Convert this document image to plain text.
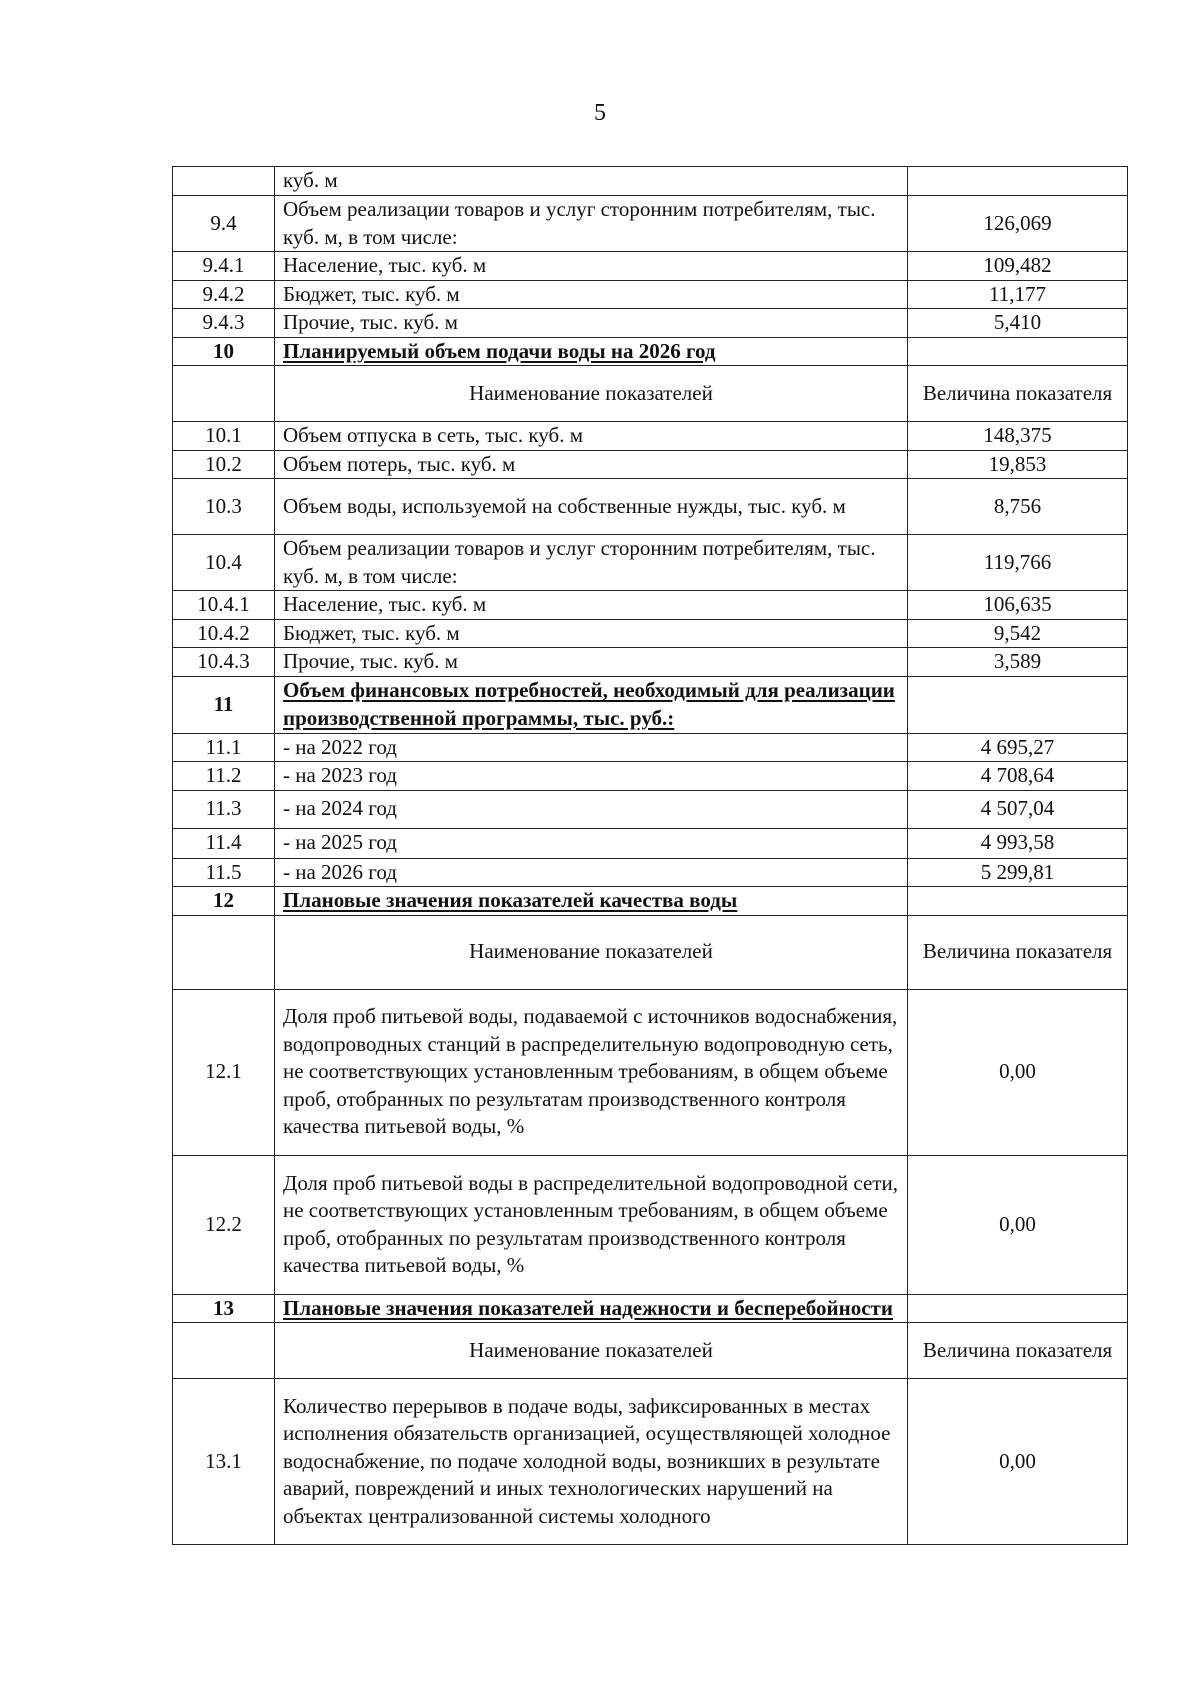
5
	куб. м	
9.4	Объем реализации товаров и услуг сторонним потребителям, тыс. куб. м, в том числе:	126,069
9.4.1	Население, тыс. куб. м	109,482
9.4.2	Бюджет, тыс. куб. м	11,177
9.4.3	Прочие, тыс. куб. м	5,410
10	Планируемый объем подачи воды на 2026 год	
	Наименование показателей	Величина показателя
10.1	Объем отпуска в сеть, тыс. куб. м	148,375
10.2	Объем потерь, тыс. куб. м	19,853
10.3	Объем воды, используемой на собственные нужды, тыс. куб. м	8,756
10.4	Объем реализации товаров и услуг сторонним потребителям, тыс. куб. м, в том числе:	119,766
10.4.1	Население, тыс. куб. м	106,635
10.4.2	Бюджет, тыс. куб. м	9,542
10.4.3	Прочие, тыс. куб. м	3,589
11	Объем финансовых потребностей, необходимый для реализации производственной программы, тыс. руб.:	
11.1	- на 2022 год	4 695,27
11.2	- на 2023 год	4 708,64
11.3	- на 2024 год	4 507,04
11.4	- на 2025 год	4 993,58
11.5	- на 2026 год	5 299,81
12	Плановые значения показателей качества воды	
	Наименование показателей	Величина показателя
12.1	Доля проб питьевой воды, подаваемой с источников водоснабжения, водопроводных станций в распределительную водопроводную сеть, не соответствующих установленным требованиям, в общем объеме проб, отобранных по результатам производственного контроля качества питьевой воды, %	0,00
12.2	Доля проб питьевой воды в распределительной водопроводной сети, не соответствующих установленным требованиям, в общем объеме проб, отобранных по результатам производственного контроля качества питьевой воды, %	0,00
13	Плановые значения показателей надежности и бесперебойности	
	Наименование показателей	Величина показателя
13.1	Количество перерывов в подаче воды, зафиксированных в местах исполнения обязательств организацией, осуществляющей холодное водоснабжение, по подаче холодной воды, возникших в результате аварий, повреждений и иных технологических нарушений на объектах централизованной системы холодного	0,00
